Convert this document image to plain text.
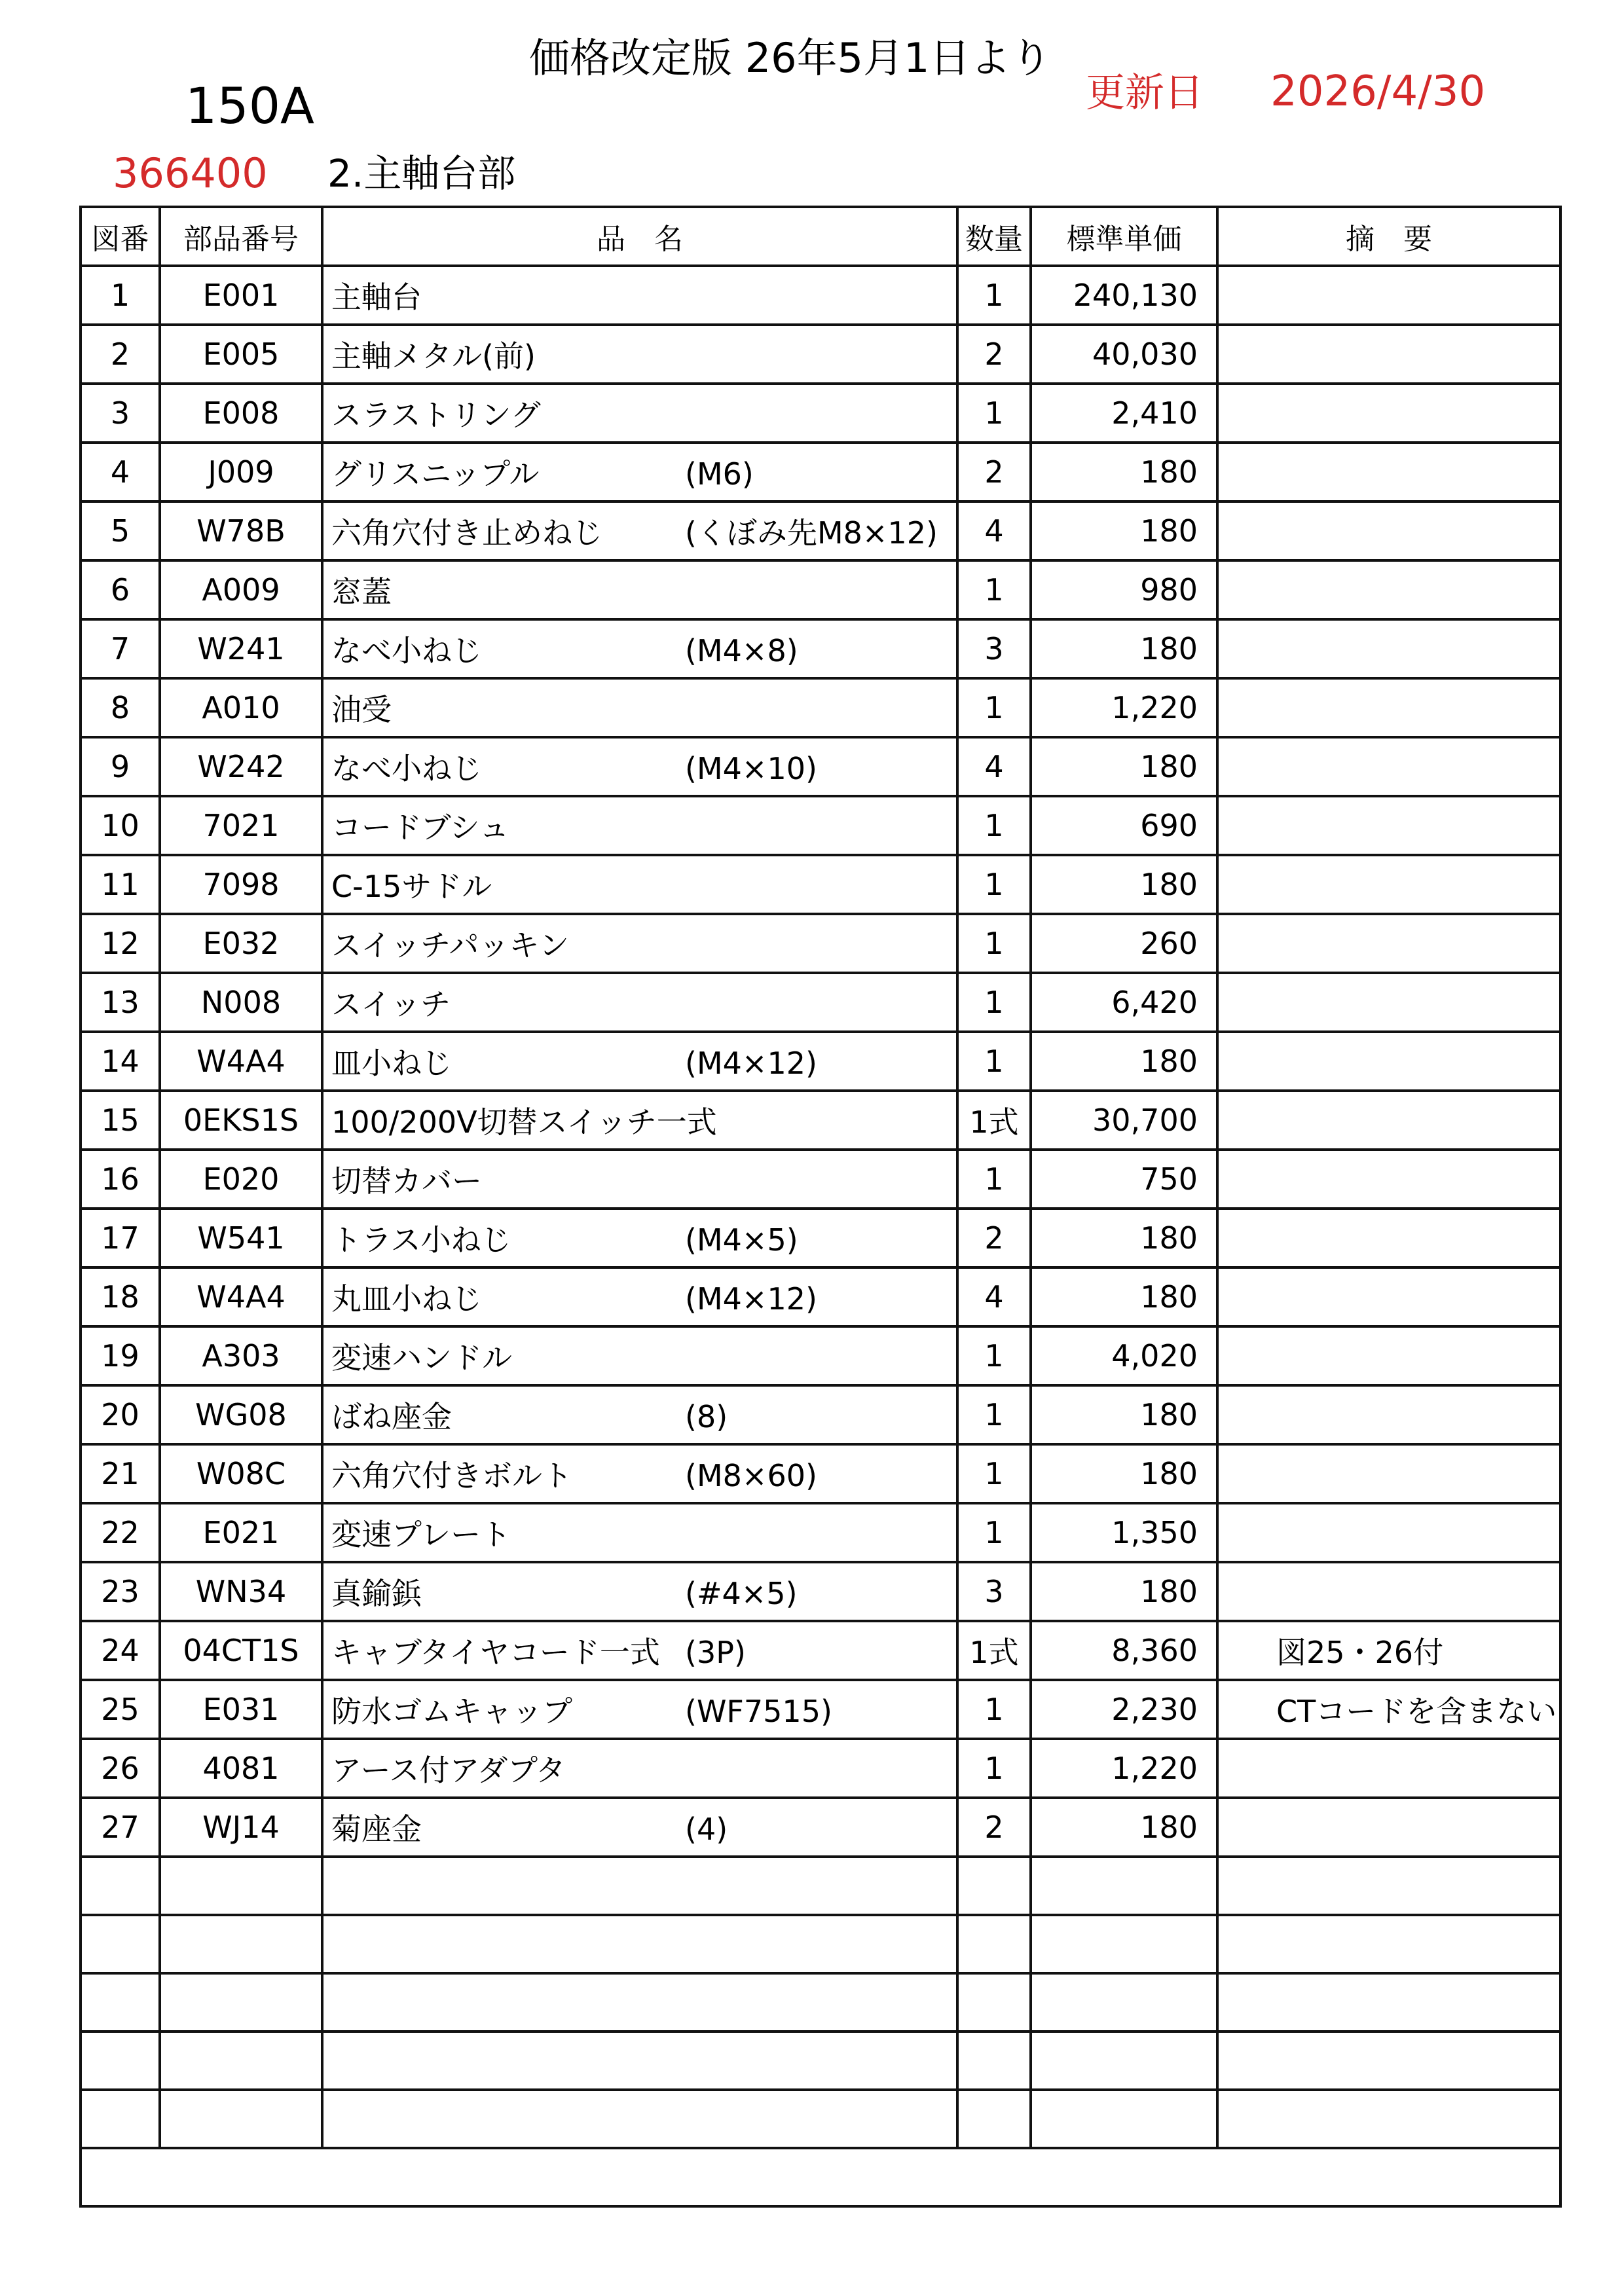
価格改定版 26年5月1日より
150A	更新日 2026/4/30
366400 2.主軸台部
図番	部品番号	品　名	数量	標準単価	摘　要
1	E001	主軸台	1	240,130	
2	E005	主軸メタル(前)	2	40,030	
3	E008	スラストリング	1	2,410	
4	J009	グリスニップル (M6)	2	180	
5	W78B	六角穴付き止めねじ (くぼみ先M8×12)	4	180	
6	A009	窓蓋	1	980	
7	W241	なべ小ねじ (M4×8)	3	180	
8	A010	油受	1	1,220	
9	W242	なべ小ねじ (M4×10)	4	180	
10	7021	コードブシュ	1	690	
11	7098	C-15サドル	1	180	
12	E032	スイッチパッキン	1	260	
13	N008	スイッチ	1	6,420	
14	W4A4	皿小ねじ (M4×12)	1	180	
15	0EKS1S	100/200V切替スイッチ一式	1式	30,700	
16	E020	切替カバー	1	750	
17	W541	トラス小ねじ (M4×5)	2	180	
18	W4A4	丸皿小ねじ (M4×12)	4	180	
19	A303	変速ハンドル	1	4,020	
20	WG08	ばね座金 (8)	1	180	
21	W08C	六角穴付きボルト (M8×60)	1	180	
22	E021	変速プレート	1	1,350	
23	WN34	真鍮鋲 (#4×5)	3	180	
24	04CT1S	キャブタイヤコード一式 (3P)	1式	8,360	図25・26付
25	E031	防水ゴムキャップ (WF7515)	1	2,230	CTコードを含まない
26	4081	アース付アダプタ	1	1,220	
27	WJ14	菊座金 (4)	2	180	
